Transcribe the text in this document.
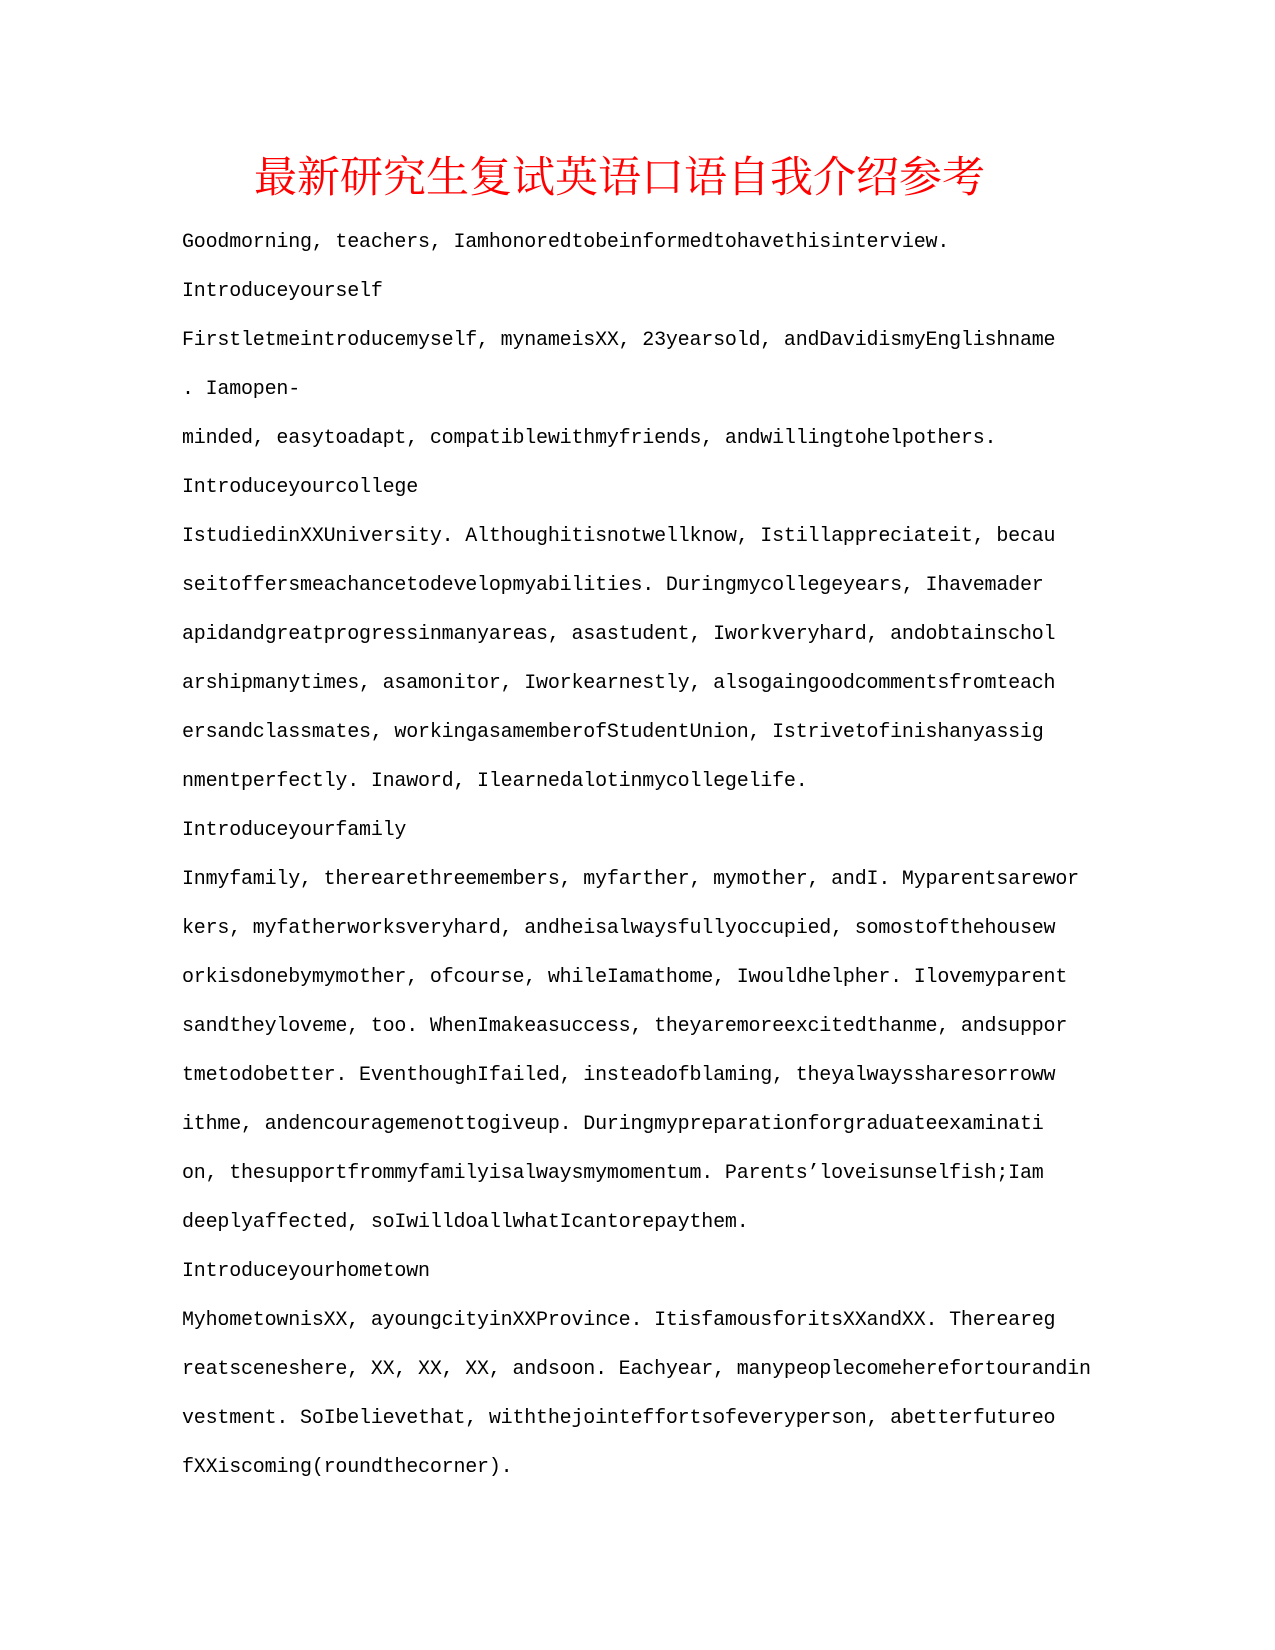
最新研究生复试英语口语自我介绍参考
Goodmorning, teachers, Iamhonoredtobeinformedtohavethisinterview.
Introduceyourself
Firstletmeintroducemyself, mynameisXX, 23yearsold, andDavidismyEnglishname
. Iamopen-
minded, easytoadapt, compatiblewithmyfriends, andwillingtohelpothers.
Introduceyourcollege
IstudiedinXXUniversity. Althoughitisnotwellknow, Istillappreciateit, becau
seitoffersmeachancetodevelopmyabilities. Duringmycollegeyears, Ihavemader
apidandgreatprogressinmanyareas, asastudent, Iworkveryhard, andobtainschol
arshipmanytimes, asamonitor, Iworkearnestly, alsogaingoodcommentsfromteach
ersandclassmates, workingasamemberofStudentUnion, Istrivetofinishanyassig
nmentperfectly. Inaword, Ilearnedalotinmycollegelife.
Introduceyourfamily
Inmyfamily, therearethreemembers, myfarther, mymother, andI. Myparentsarewor
kers, myfatherworksveryhard, andheisalwaysfullyoccupied, somostofthehousew
orkisdonebymymother, ofcourse, whileIamathome, Iwouldhelpher. Ilovemyparent
sandtheyloveme, too. WhenImakeasuccess, theyaremoreexcitedthanme, andsuppor
tmetodobetter. EventhoughIfailed, insteadofblaming, theyalwayssharesorroww
ithme, andencouragemenottogiveup. Duringmypreparationforgraduateexaminati
on, thesupportfrommyfamilyisalwaysmymomentum. Parents’loveisunselfish;Iam
deeplyaffected, soIwilldoallwhatIcantorepaythem.
Introduceyourhometown
MyhometownisXX, ayoungcityinXXProvince. ItisfamousforitsXXandXX. Thereareg
reatsceneshere, XX, XX, XX, andsoon. Eachyear, manypeoplecomeherefortourandin
vestment. SoIbelievethat, withthejointeffortsofeveryperson, abetterfutureo
fXXiscoming(roundthecorner).
